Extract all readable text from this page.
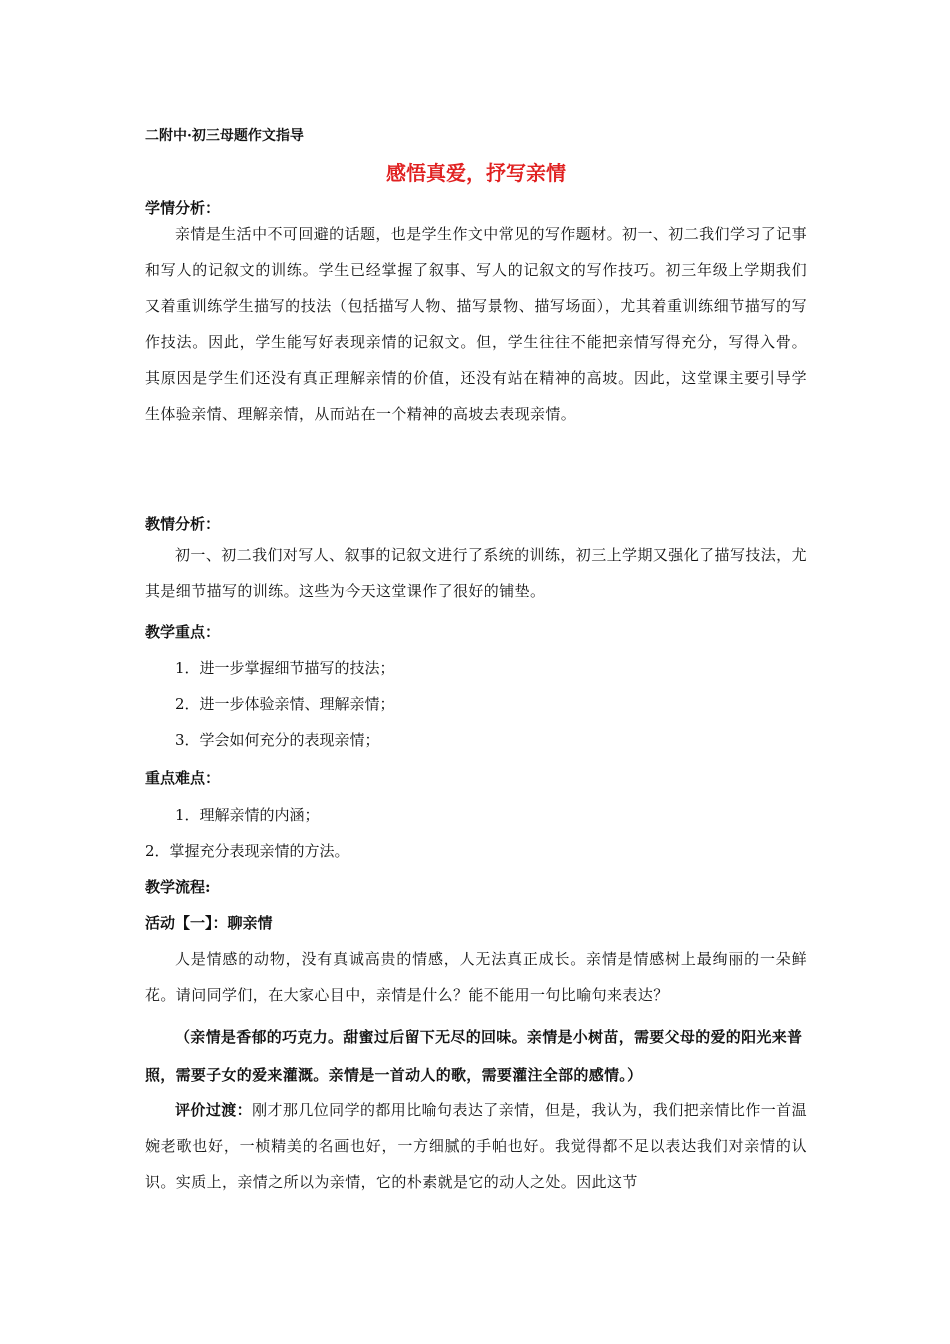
二附中·初三母题作文指导
感悟真爱，抒写亲情
学情分析：

亲情是生活中不可回避的话题，也是学生作文中常见的写作题材。初一、初二我们学习了记事和写人的记叙文的训练。学生已经掌握了叙事、写人的记叙文的写作技巧。初三年级上学期我们又着重训练学生描写的技法（包括描写人物、描写景物、描写场面），尤其着重训练细节描写的写作技法。因此，学生能写好表现亲情的记叙文。但，学生往往不能把亲情写得充分，写得入骨。其原因是学生们还没有真正理解亲情的价值，还没有站在精神的高坡。因此，这堂课主要引导学生体验亲情、理解亲情，从而站在一个精神的高坡去表现亲情。

教情分析：

初一、初二我们对写人、叙事的记叙文进行了系统的训练，初三上学期又强化了描写技法，尤其是细节描写的训练。这些为今天这堂课作了很好的铺垫。

教学重点：
1．进一步掌握细节描写的技法；
2．进一步体验亲情、理解亲情；
3．学会如何充分的表现亲情；
重点难点：
1．理解亲情的内涵；
2．掌握充分表现亲情的方法。
教学流程:
活动【一】：聊亲情

人是情感的动物，没有真诚高贵的情感，人无法真正成长。亲情是情感树上最绚丽的一朵鲜花。请问同学们，在大家心目中，亲情是什么？能不能用一句比喻句来表达？

（亲情是香郁的巧克力。甜蜜过后留下无尽的回味。亲情是小树苗，需要父母的爱的阳光来普照，需要子女的爱来灌溉。亲情是一首动人的歌，需要灌注全部的感情。）

评价过渡：刚才那几位同学的都用比喻句表达了亲情，但是，我认为，我们把亲情比作一首温婉老歌也好，一桢精美的名画也好，一方细腻的手帕也好。我觉得都不足以表达我们对亲情的认识。实质上，亲情之所以为亲情，它的朴素就是它的动人之处。因此这节
